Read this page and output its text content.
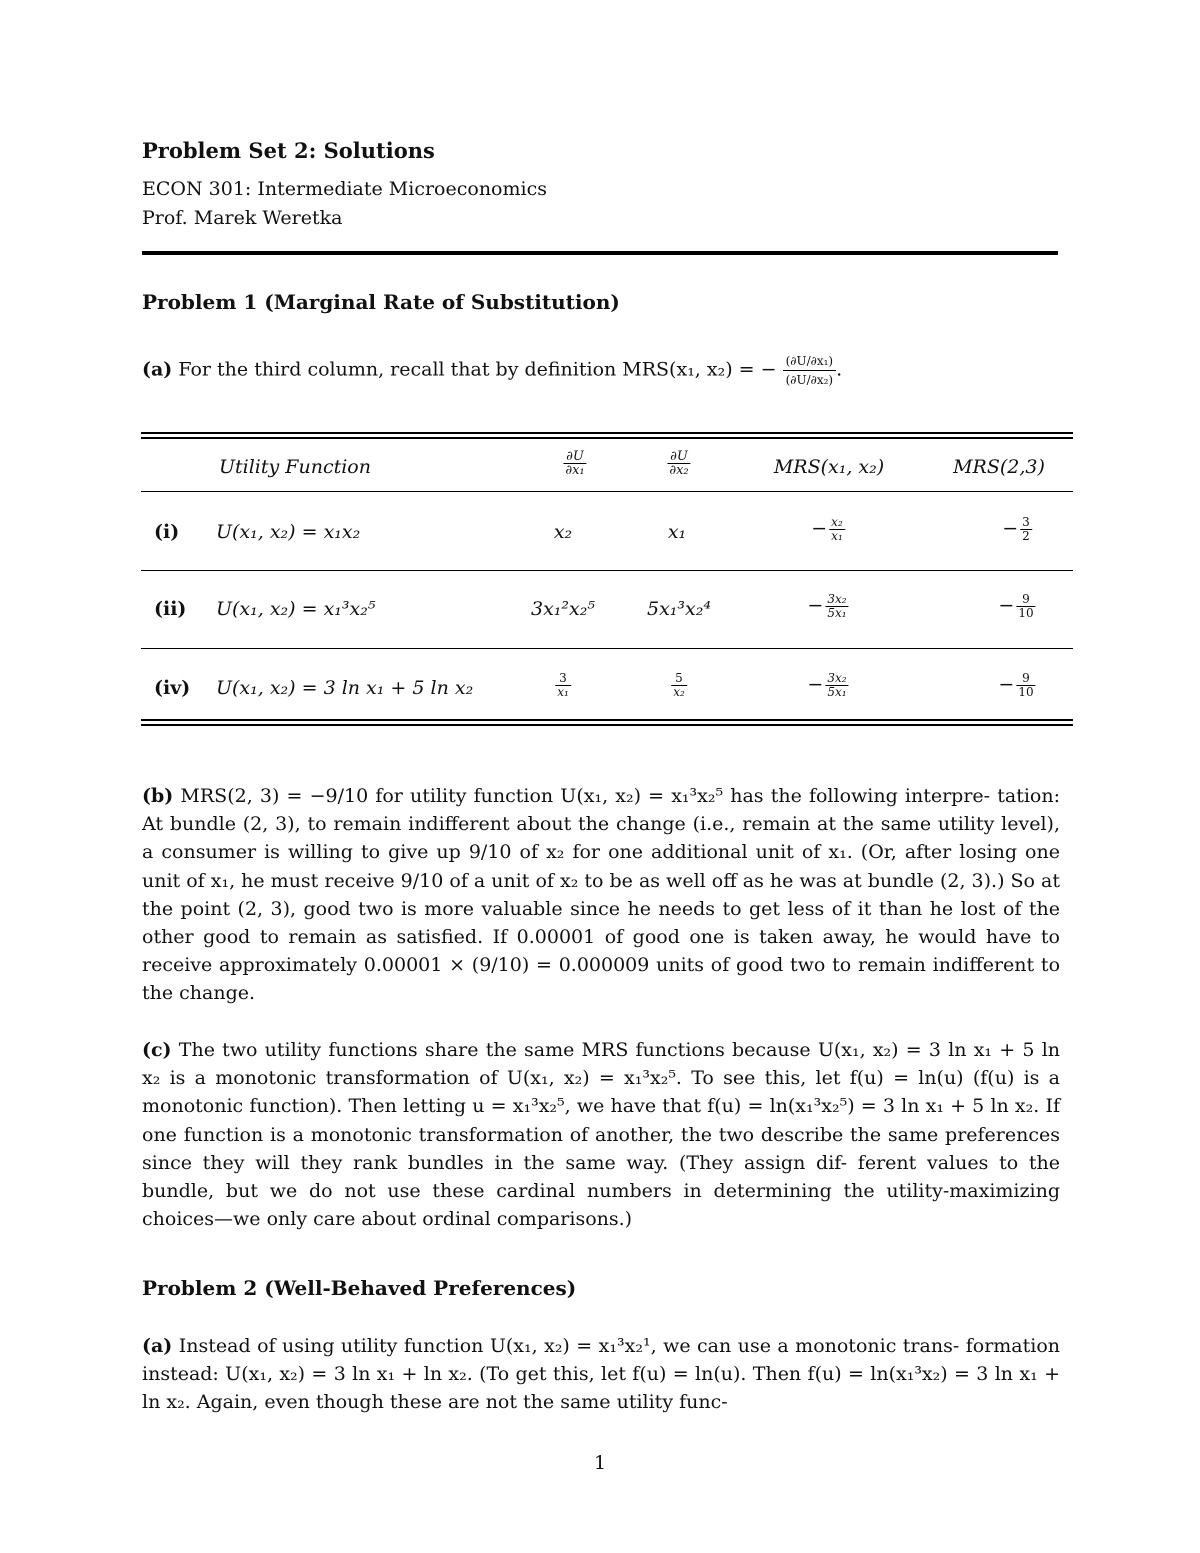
Problem Set 2: Solutions
ECON 301: Intermediate Microeconomics
Prof. Marek Weretka
Problem 1 (Marginal Rate of Substitution)
(a) For the third column, recall that by definition MRS(x₁, x₂) = − $\frac{\text{(∂U/∂x₁)}}{\text{(∂U/∂x₂)}}$ .
Utility Function	$\frac{\partial U}{\text{∂x₁}}$	$\frac{\partial U}{\text{∂x₂}}$	MRS(x₁, x₂)	MRS(2,3)
(i) U(x₁, x₂) = x₁x₂	x₂	x₁	− $\frac{\text{x₂}}{\text{x₁}}$	− $\frac{3}{2}$
(ii) U(x₁, x₂) = x₁³x₂⁵	3x₁²x₂⁵	5x₁³x₂⁴	− $\frac{\text{3x₂}}{\text{5x₁}}$	− $\frac{9}{10}$
(iv) U(x₁, x₂) = 3 ln x₁ + 5 ln x₂	$\frac{3}{\text{x₁}}$	$\frac{5}{\text{x₂}}$	− $\frac{\text{3x₂}}{\text{5x₁}}$	− $\frac{9}{10}$
(b) MRS(2, 3) = −9/10 for utility function U(x₁, x₂) = x₁³x₂⁵ has the following interpre- tation: At bundle (2, 3), to remain indifferent about the change (i.e., remain at the same utility level), a consumer is willing to give up 9/10 of x₂ for one additional unit of x₁. (Or, after losing one unit of x₁, he must receive 9/10 of a unit of x₂ to be as well off as he was at bundle (2, 3).) So at the point (2, 3), good two is more valuable since he needs to get less of it than he lost of the other good to remain as satisfied. If 0.00001 of good one is taken away, he would have to receive approximately 0.00001 × (9/10) = 0.000009 units of good two to remain indifferent to the change.
(c) The two utility functions share the same MRS functions because U(x₁, x₂) = 3 ln x₁ + 5 ln x₂ is a monotonic transformation of U(x₁, x₂) = x₁³x₂⁵. To see this, let f(u) = ln(u) (f(u) is a monotonic function). Then letting u = x₁³x₂⁵, we have that f(u) = ln(x₁³x₂⁵) = 3 ln x₁ + 5 ln x₂. If one function is a monotonic transformation of another, the two describe the same preferences since they will they rank bundles in the same way. (They assign dif- ferent values to the bundle, but we do not use these cardinal numbers in determining the utility-maximizing choices—we only care about ordinal comparisons.)
Problem 2 (Well-Behaved Preferences)
(a) Instead of using utility function U(x₁, x₂) = x₁³x₂¹, we can use a monotonic trans- formation instead: U(x₁, x₂) = 3 ln x₁ + ln x₂. (To get this, let f(u) = ln(u). Then f(u) = ln(x₁³x₂) = 3 ln x₁ + ln x₂. Again, even though these are not the same utility func-
1
